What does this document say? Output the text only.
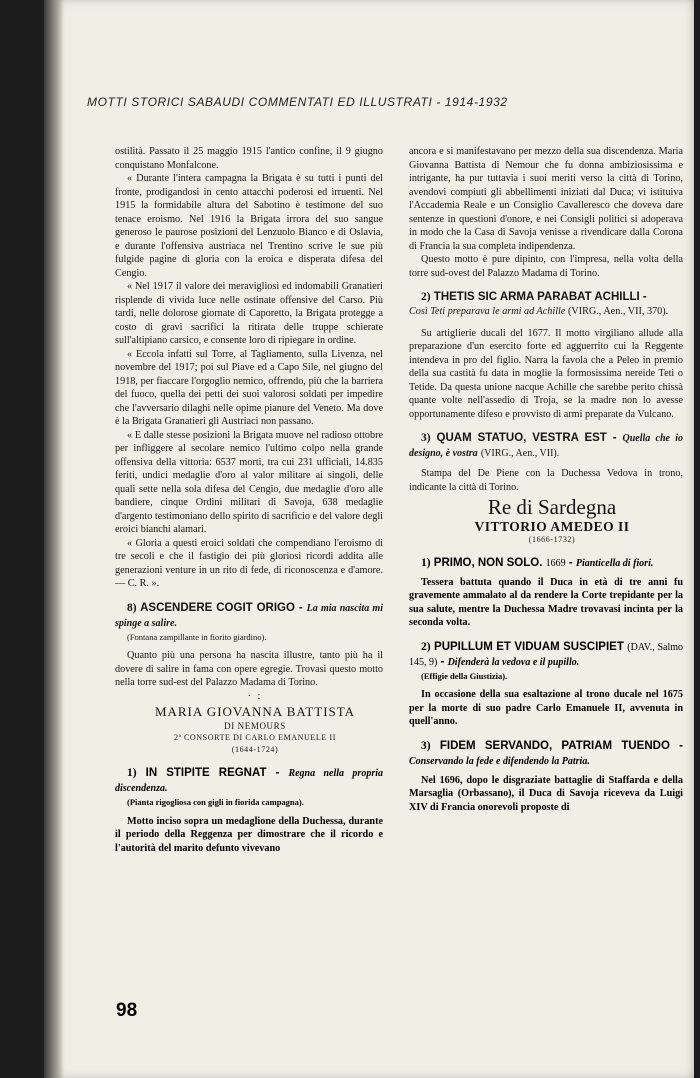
MOTTI STORICI SABAUDI COMMENTATI ED ILLUSTRATI - 1914-1932

ostilità. Passato il 25 maggio 1915 l'antico confine, il 9 giugno conquistano Monfalcone.

« Durante l'intera campagna la Brigata è su tutti i punti del fronte, prodigandosi in cento attacchi poderosi ed irruenti. Nel 1915 la formidabile altura del Sabotino è testimone del suo tenace eroismo. Nel 1916 la Brigata irrora del suo sangue generoso le paurose posizioni del Lenzuolo Bianco e di Oslavia, e durante l'offensiva austriaca nel Trentino scrive le sue più fulgide pagine di gloria con la eroica e disperata difesa del Cengio.

« Nel 1917 il valore dei meravigliosi ed indomabili Granatieri risplende di vivida luce nelle ostinate offensive del Carso. Più tardi, nelle dolorose giornate di Caporetto, la Brigata protegge a costo di gravi sacrifici la ritirata delle truppe schierate sull'altipiano carsico, e consente loro di ripiegare in ordine.

« Eccola infatti sul Torre, al Tagliamento, sulla Livenza, nel novembre del 1917; poi sul Piave ed a Capo Sile, nel giugno del 1918, per fiaccare l'orgoglio nemico, offrendo, più che la barriera del fuoco, quella dei petti dei suoi valorosi soldati per impedire che l'avversario dilaghi nelle opime pianure del Veneto. Ma dove è la Brigata Granatieri gli Austriaci non passano.

« E dalle stesse posizioni la Brigata muove nel radioso ottobre per infliggere al secolare nemico l'ultimo colpo nella grande offensiva della vittoria: 6537 morti, tra cui 231 ufficiali, 14.835 feriti, undici medaglie d'oro al valor militare ai singoli, delle quali sette nella sola difesa del Cengio, due medaglie d'oro alle bandiere, cinque Ordini militari di Savoja, 638 medaglie d'argento testimoniano dello spirito di sacrificio e del valore degli eroici bianchi alamari.

« Gloria a questi eroici soldati che compendiano l'eroismo di tre secoli e che il fastigio dei più gloriosi ricordi addita alle generazioni venture in un rito di fede, di riconoscenza e d'amore. — C. R. ».

8) ASCENDERE COGIT ORIGO - La mia nascita mi spinge a salire.

(Fontana zampillante in fiorito giardino).

Quanto più una persona ha nascita illustre, tanto più ha il dovere di salire in fama con opere egregie. Trovasi questo motto nella torre sud-est del Palazzo Madama di Torino.

· :

MARIA GIOVANNA BATTISTA

DI NEMOURS

2ª CONSORTE DI CARLO EMANUELE II

(1644-1724)

1) IN STIPITE REGNAT - Regna nella propria discendenza.

(Pianta rigogliosa con gigli in fiorida campagna).

Motto inciso sopra un medaglione della Duchessa, durante il periodo della Reggenza per dimostrare che il ricordo e l'autorità del marito defunto vivevano

ancora e si manifestavano per mezzo della sua discendenza. Maria Giovanna Battista di Nemour che fu donna ambiziosissima e intrigante, ha pur tuttavia i suoi meriti verso la città di Torino, avendovi compiuti gli abbellimenti iniziati dal Duca; vi istituiva l'Accademia Reale e un Consiglio Cavalleresco che doveva dare sentenze in questioni d'onore, e nei Consigli politici si adoperava in modo che la Casa di Savoja venisse a rivendicare dalla Corona di Francia la sua completa indipendenza.

Questo motto è pure dipinto, con l'impresa, nella volta della torre sud-ovest del Palazzo Madama di Torino.

2) THETIS SIC ARMA PARABAT ACHILLI -

Così Teti preparava le armi ad Achille (VIRG., Aen., VII, 370).

Su artiglierie ducali del 1677. Il motto virgiliano allude alla preparazione d'un esercito forte ed agguerrito cui la Reggente intendeva in pro del figlio. Narra la favola che a Peleo in premio della sua castità fu data in moglie la formosissima nereide Teti o Tetide. Da questa unione nacque Achille che sarebbe perito chissà quante volte nell'assedio di Troja, se la madre non lo avesse opportunamente difeso e provvisto di armi preparate da Vulcano.

3) QUAM STATUO, VESTRA EST - Quella che io designo, è vostra (VIRG., Aen., VII).

Stampa del De Piene con la Duchessa Vedova in trono, indicante la città di Torino.

Re di Sardegna

VITTORIO AMEDEO II

(1666-1732)

1) PRIMO, NON SOLO. 1669 - Pianticella di fiori.

Tessera battuta quando il Duca in età di tre anni fu gravemente ammalato al da rendere la Corte trepidante per la sua salute, mentre la Duchessa Madre trovavasi incinta per la seconda volta.

2) PUPILLUM ET VIDUAM SUSCIPIET (DAV., Salmo 145, 9) - Difenderà la vedova e il pupillo.

(Effigie della Giustizia).

In occasione della sua esaltazione al trono ducale nel 1675 per la morte di suo padre Carlo Emanuele II, avvenuta in quell'anno.

3) FIDEM SERVANDO, PATRIAM TUENDO - Conservando la fede e difendendo la Patria.

Nel 1696, dopo le disgraziate battaglie di Staffarda e della Marsaglia (Orbassano), il Duca di Savoja riceveva da Luigi XIV di Francia onorevoli proposte di

98
